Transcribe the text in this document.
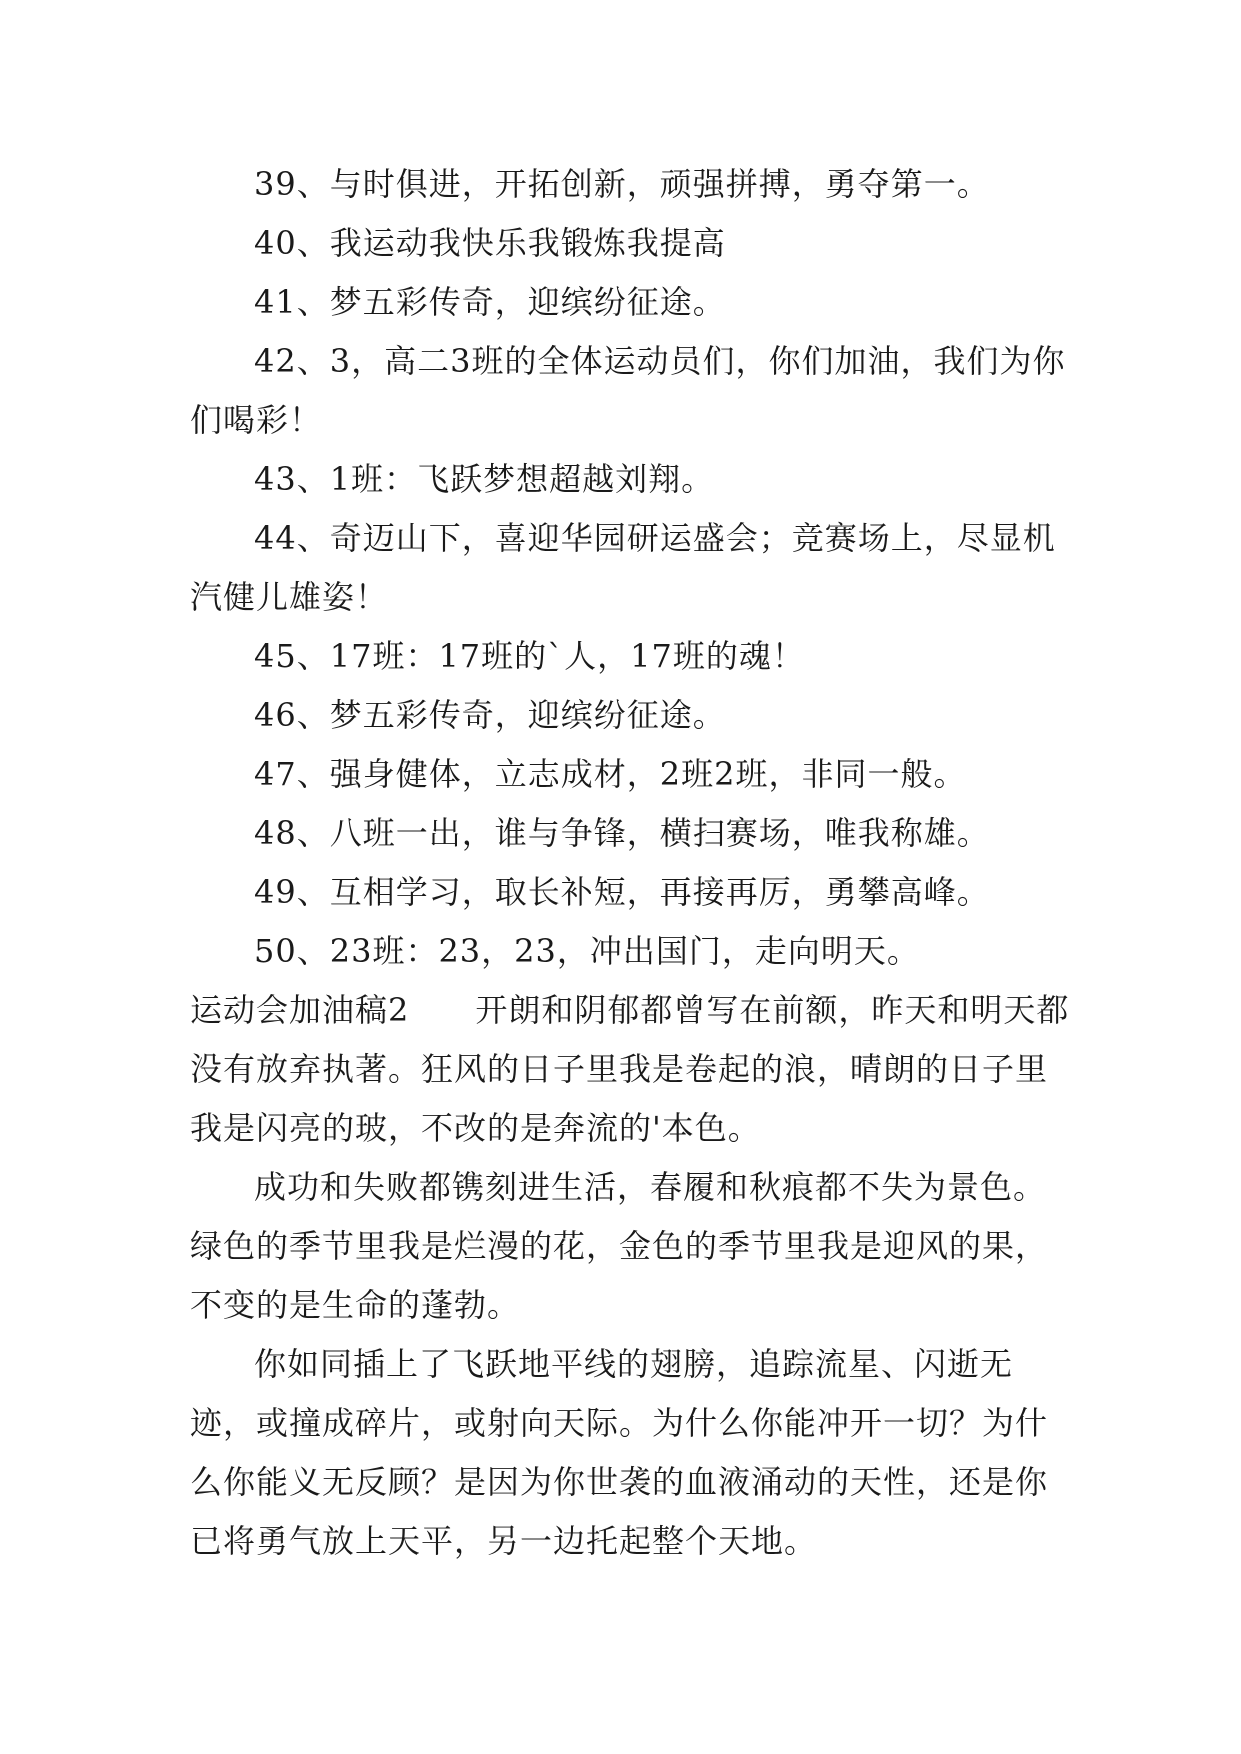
39、与时俱进，开拓创新，顽强拼搏，勇夺第一。

40、我运动我快乐我锻炼我提高

41、梦五彩传奇，迎缤纷征途。

42、3，高二3班的全体运动员们，你们加油，我们为你们喝彩！

43、1班：飞跃梦想超越刘翔。

44、奇迈山下，喜迎华园研运盛会；竞赛场上，尽显机汽健儿雄姿！

45、17班：17班的`人，17班的魂！

46、梦五彩传奇，迎缤纷征途。

47、强身健体，立志成材，2班2班，非同一般。

48、八班一出，谁与争锋，横扫赛场，唯我称雄。

49、互相学习，取长补短，再接再厉，勇攀高峰。

50、23班：23，23，冲出国门，走向明天。

运动会加油稿2 开朗和阴郁都曾写在前额，昨天和明天都没有放弃执著。狂风的日子里我是卷起的浪，晴朗的日子里我是闪亮的玻，不改的是奔流的'本色。

成功和失败都镌刻进生活，春履和秋痕都不失为景色。绿色的季节里我是烂漫的花，金色的季节里我是迎风的果，不变的是生命的蓬勃。

你如同插上了飞跃地平线的翅膀，追踪流星、闪逝无迹，或撞成碎片，或射向天际。为什么你能冲开一切？为什么你能义无反顾？是因为你世袭的血液涌动的天性，还是你已将勇气放上天平，另一边托起整个天地。
